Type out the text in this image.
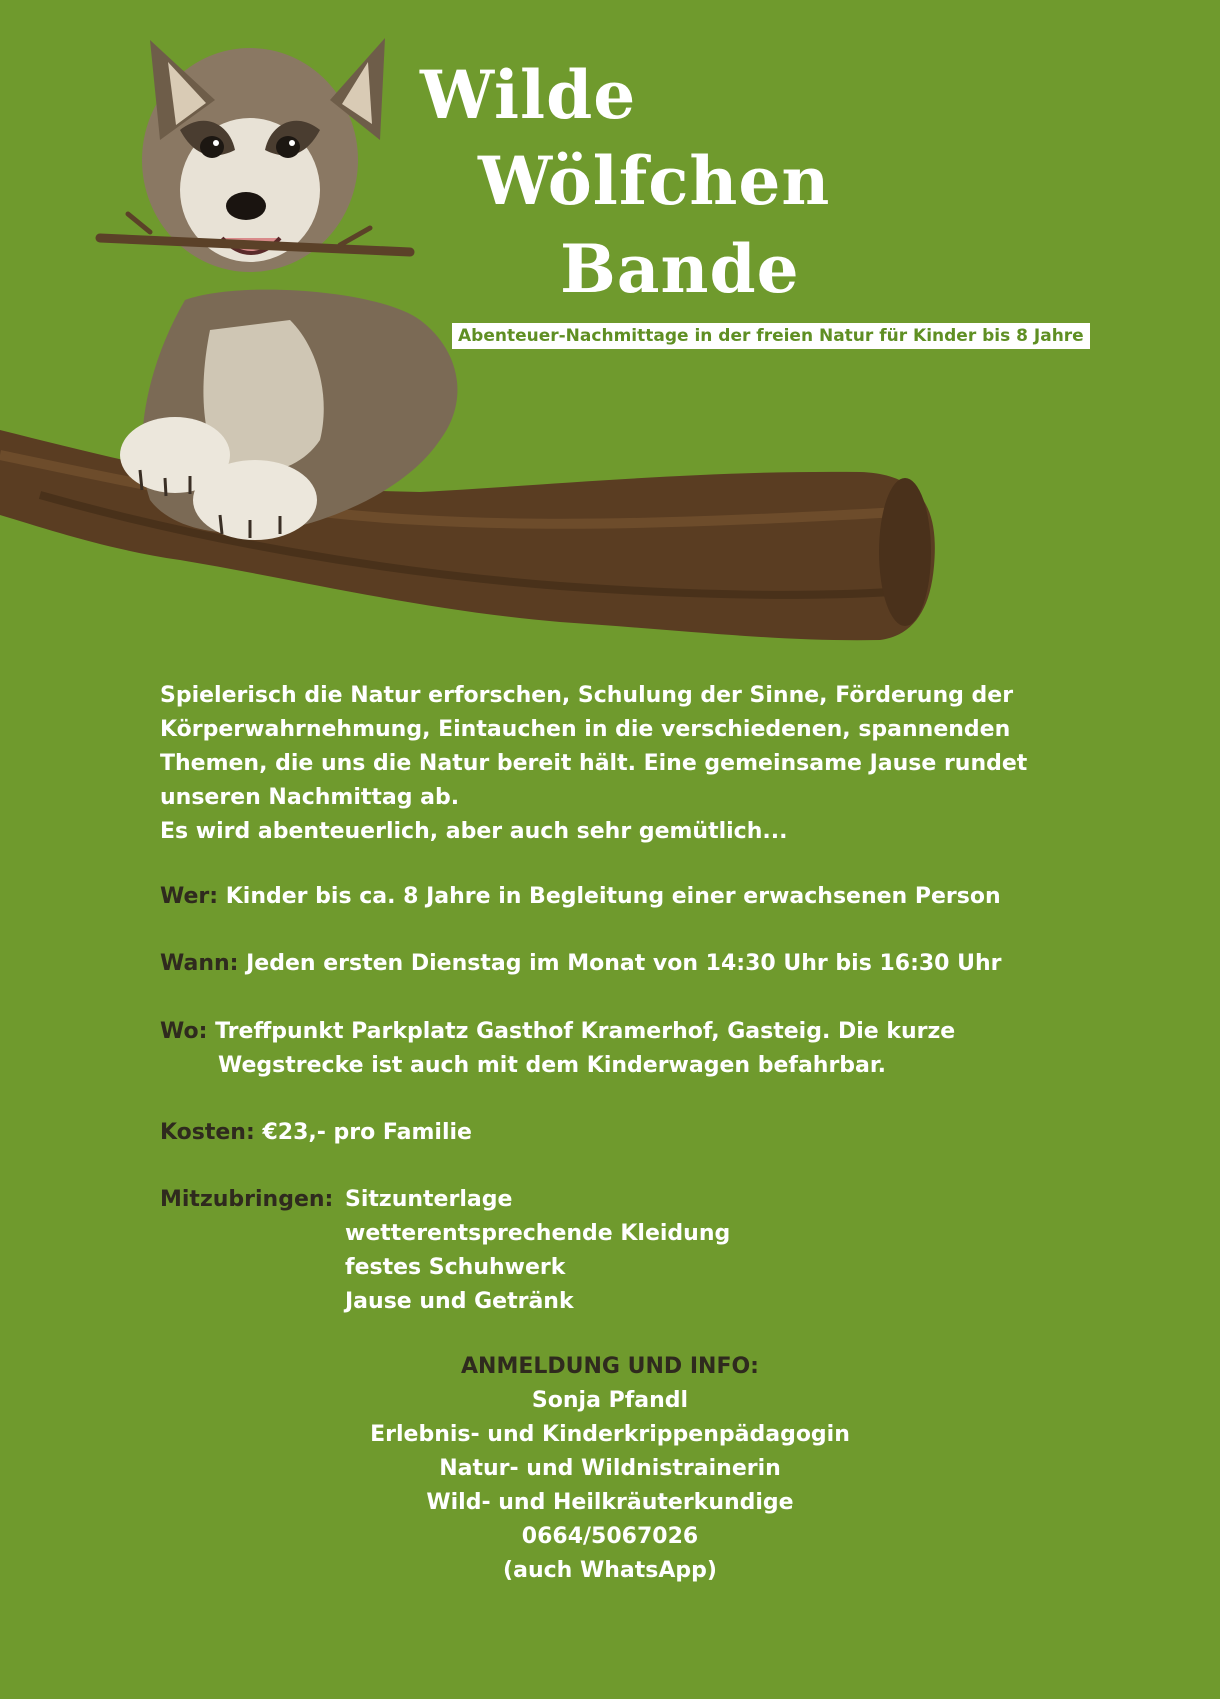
Wilde
Wölfchen
Bande
Abenteuer-Nachmittage in der freien Natur für Kinder bis 8 Jahre

Spielerisch die Natur erforschen, Schulung der Sinne, Förderung der
Körperwahrnehmung, Eintauchen in die verschiedenen, spannenden
Themen, die uns die Natur bereit hält. Eine gemeinsame Jause rundet
unseren Nachmittag ab.
Es wird abenteuerlich, aber auch sehr gemütlich...

Wer: Kinder bis ca. 8 Jahre in Begleitung einer erwachsenen Person
Wann: Jeden ersten Dienstag im Monat von 14:30 Uhr bis 16:30 Uhr
Wo: Treffpunkt Parkplatz Gasthof Kramerhof, Gasteig. Die kurze
Wegstrecke ist auch mit dem Kinderwagen befahrbar.
Kosten: €23,- pro Familie
Mitzubringen: Sitzunterlage
wetterentsprechende Kleidung
festes Schuhwerk
Jause und Getränk
ANMELDUNG UND INFO:
Sonja Pfandl
Erlebnis- und Kinderkrippenpädagogin
Natur- und Wildnistrainerin
Wild- und Heilkräuterkundige
0664/5067026
(auch WhatsApp)
